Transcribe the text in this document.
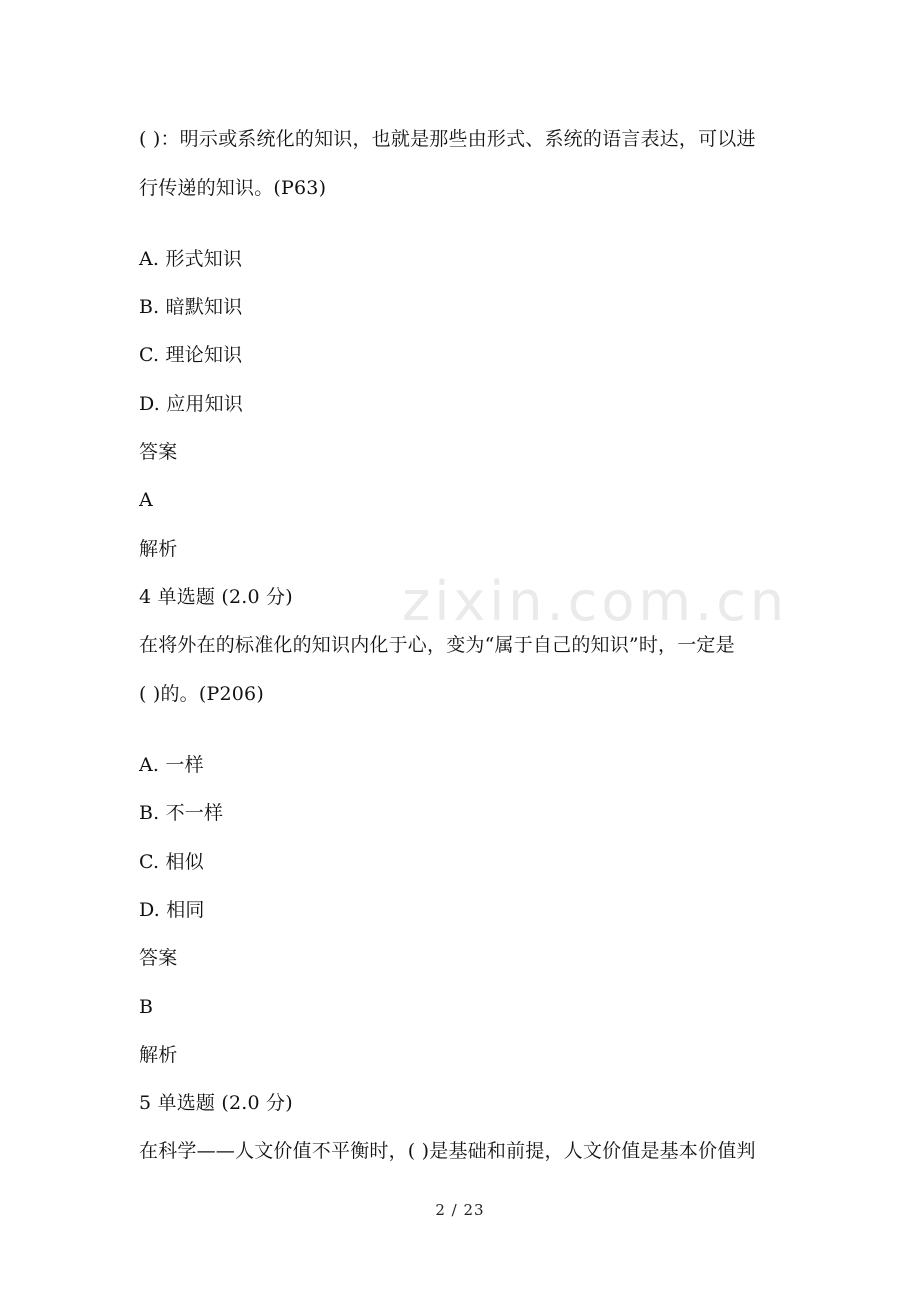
( )：明示或系统化的知识，也就是那些由形式、系统的语言表达，可以进
行传递的知识。(P63)
A. 形式知识
B. 暗默知识
C. 理论知识
D. 应用知识
答案
A
解析
4 单选题 (2.0 分)
在将外在的标准化的知识内化于心，变为“属于自己的知识”时，一定是
( )的。(P206)
A. 一样
B. 不一样
C. 相似
D. 相同
答案
B
解析
5 单选题 (2.0 分)
在科学——人文价值不平衡时，( )是基础和前提，人文价值是基本价值判
zixin.com.cn
2 / 23
